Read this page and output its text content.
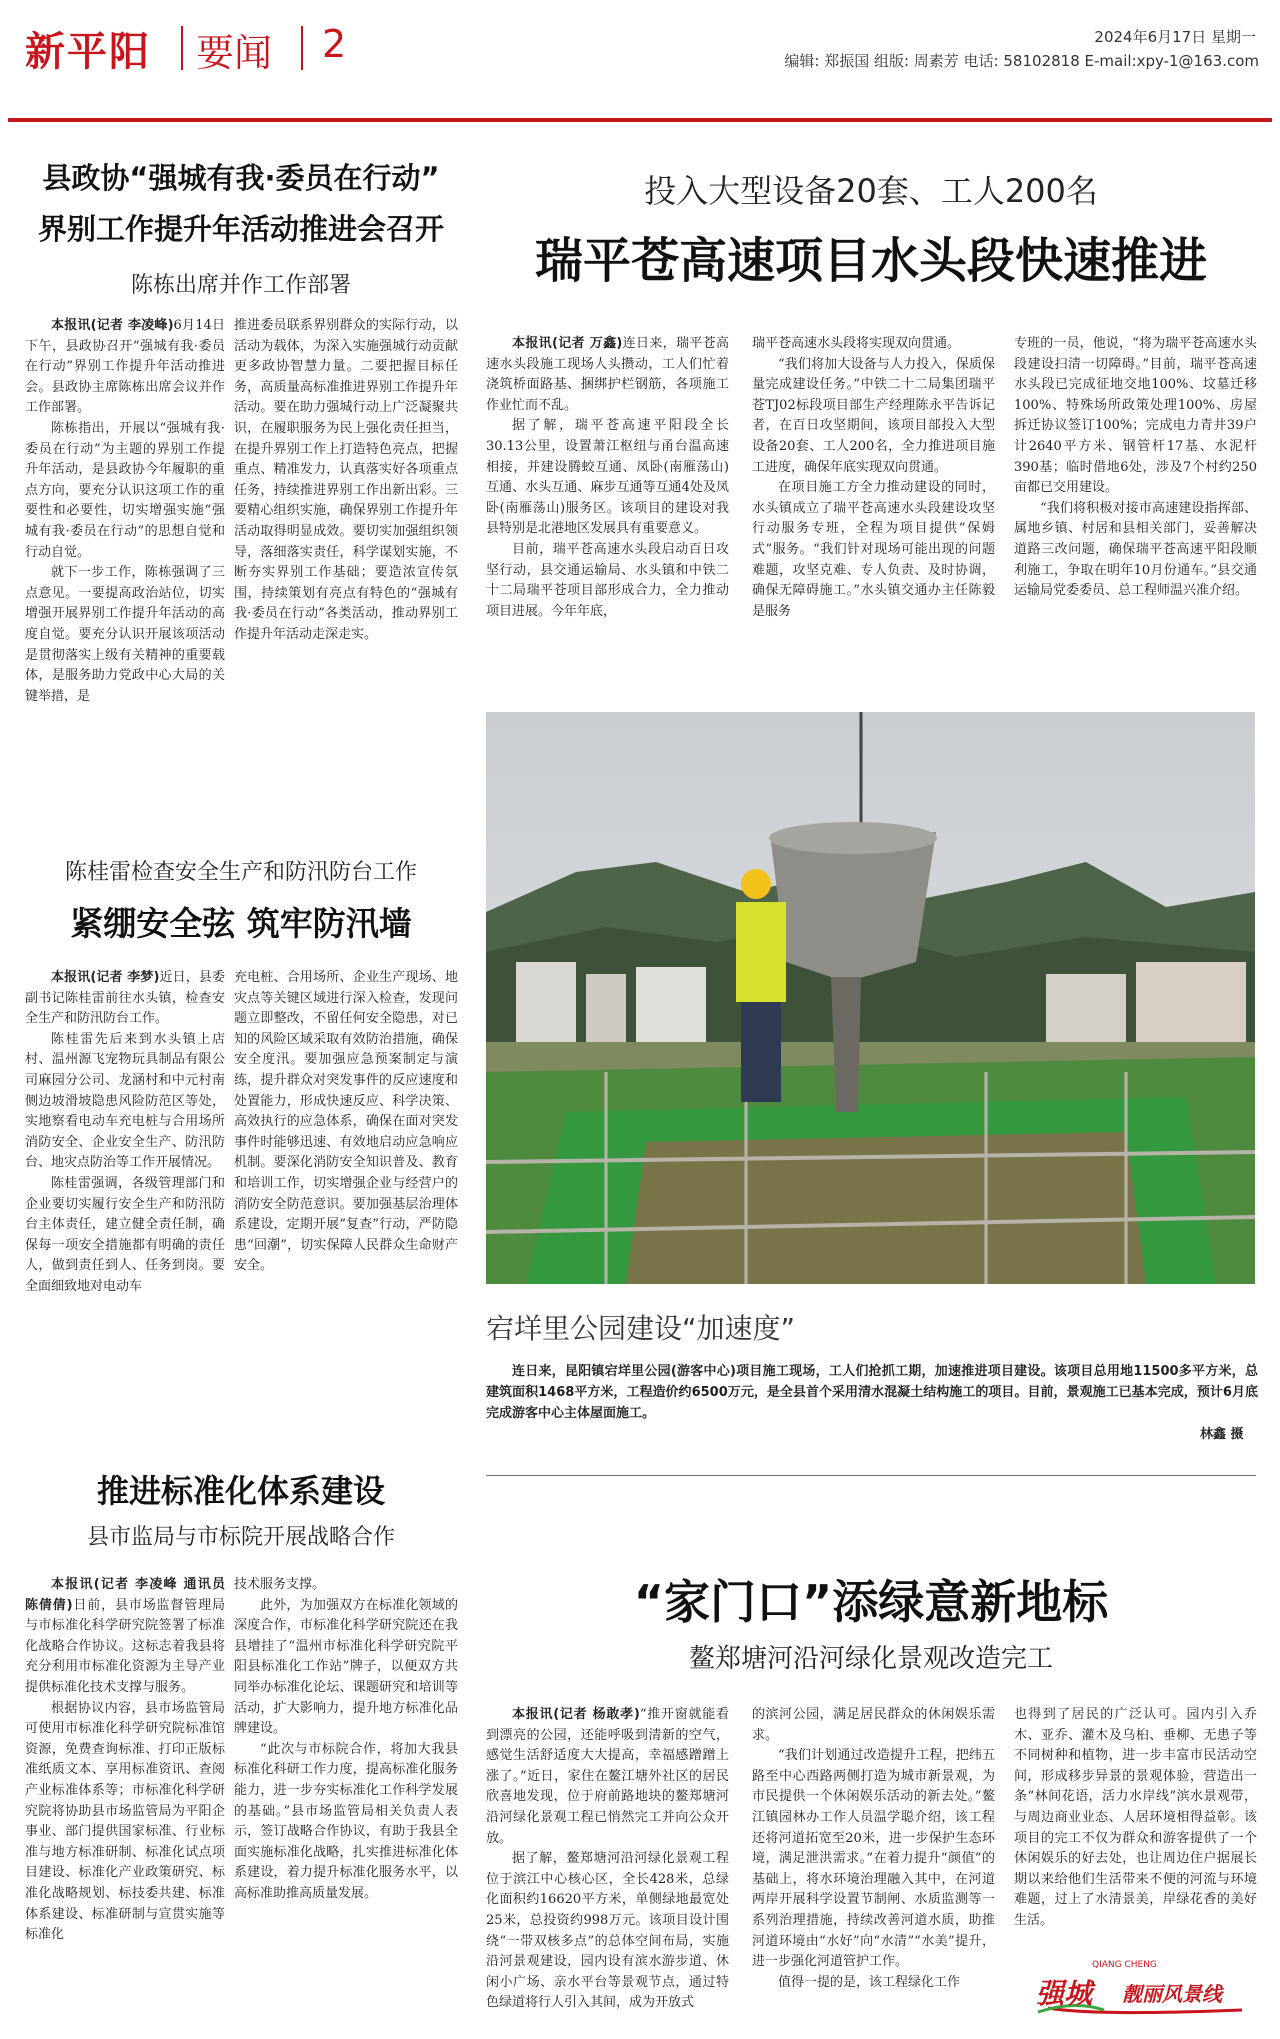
新平阳 要闻 2	2024年6月17日 星期一
编辑: 郑振国 组版: 周素芳 电话: 58102818 E-mail:xpy-1@163.com
县政协“强城有我·委员在行动”
界别工作提升年活动推进会召开
陈栋出席并作工作部署

本报讯(记者 李凌峰)6月14日下午，县政协召开“强城有我·委员在行动”界别工作提升年活动推进会。县政协主席陈栋出席会议并作工作部署。

陈栋指出，开展以“强城有我·委员在行动”为主题的界别工作提升年活动，是县政协今年履职的重点方向，要充分认识这项工作的重要性和必要性，切实增强实施“强城有我·委员在行动”的思想自觉和行动自觉。

就下一步工作，陈栋强调了三点意见。一要提高政治站位，切实增强开展界别工作提升年活动的高度自觉。要充分认识开展该项活动是贯彻落实上级有关精神的重要载体，是服务助力党政中心大局的关键举措，是

推进委员联系界别群众的实际行动，以活动为载体，为深入实施强城行动贡献更多政协智慧力量。二要把握目标任务，高质量高标准推进界别工作提升年活动。要在助力强城行动上广泛凝聚共识，在履职服务为民上强化责任担当，在提升界别工作上打造特色亮点，把握重点、精准发力，认真落实好各项重点任务，持续推进界别工作出新出彩。三要精心组织实施，确保界别工作提升年活动取得明显成效。要切实加强组织领导，落细落实责任，科学谋划实施，不断夯实界别工作基础；要造浓宣传氛围，持续策划有亮点有特色的“强城有我·委员在行动”各类活动，推动界别工作提升年活动走深走实。

投入大型设备20套、工人200名
瑞平苍高速项目水头段快速推进

本报讯(记者 万鑫)连日来，瑞平苍高速水头段施工现场人头攒动，工人们忙着浇筑桥面路基、捆绑护栏钢筋，各项施工作业忙而不乱。

据了解，瑞平苍高速平阳段全长30.13公里，设置萧江枢纽与甬台温高速相接，并建设腾蛟互通、凤卧(南雁荡山)互通、水头互通、麻步互通等互通4处及凤卧(南雁荡山)服务区。该项目的建设对我县特别是北港地区发展具有重要意义。

目前，瑞平苍高速水头段启动百日攻坚行动，县交通运输局、水头镇和中铁二十二局瑞平苍项目部形成合力，全力推动项目进展。今年年底，

瑞平苍高速水头段将实现双向贯通。

“我们将加大设备与人力投入，保质保量完成建设任务。”中铁二十二局集团瑞平苍TJ02标段项目部生产经理陈永平告诉记者，在百日攻坚期间，该项目部投入大型设备20套、工人200名，全力推进项目施工进度，确保年底实现双向贯通。

在项目施工方全力推动建设的同时，水头镇成立了瑞平苍高速水头段建设攻坚行动服务专班，全程为项目提供“保姆式”服务。“我们针对现场可能出现的问题难题，攻坚克难、专人负责、及时协调，确保无障碍施工。”水头镇交通办主任陈毅是服务

专班的一员，他说，“将为瑞平苍高速水头段建设扫清一切障碍。”目前，瑞平苍高速水头段已完成征地交地100%、坟墓迁移100%、特殊场所政策处理100%、房屋拆迁协议签订100%；完成电力青井39户计2640平方米、钢管杆17基、水泥杆390基；临时借地6处，涉及7个村约250亩都已交用建设。

“我们将积极对接市高速建设指挥部、属地乡镇、村居和县相关部门，妥善解决道路三改问题，确保瑞平苍高速平阳段顺利施工，争取在明年10月份通车。”县交通运输局党委委员、总工程师温兴准介绍。

陈桂雷检查安全生产和防汛防台工作
紧绷安全弦 筑牢防汛墙

本报讯(记者 李梦)近日，县委副书记陈桂雷前往水头镇，检查安全生产和防汛防台工作。

陈桂雷先后来到水头镇上店村、温州源飞宠物玩具制品有限公司麻园分公司、龙涵村和中元村南侧边坡滑坡隐患风险防范区等处，实地察看电动车充电桩与合用场所消防安全、企业安全生产、防汛防台、地灾点防治等工作开展情况。

陈桂雷强调，各级管理部门和企业要切实履行安全生产和防汛防台主体责任，建立健全责任制，确保每一项安全措施都有明确的责任人，做到责任到人、任务到岗。要全面细致地对电动车

充电桩、合用场所、企业生产现场、地灾点等关键区域进行深入检查，发现问题立即整改，不留任何安全隐患，对已知的风险区域采取有效防治措施，确保安全度汛。要加强应急预案制定与演练，提升群众对突发事件的反应速度和处置能力，形成快速反应、科学决策、高效执行的应急体系，确保在面对突发事件时能够迅速、有效地启动应急响应机制。要深化消防安全知识普及、教育和培训工作，切实增强企业与经营户的消防安全防范意识。要加强基层治理体系建设，定期开展“复查”行动，严防隐患“回潮”，切实保障人民群众生命财产安全。

宕垟里公园建设“加速度”
连日来，昆阳镇宕垟里公园(游客中心)项目施工现场，工人们抢抓工期，加速推进项目建设。该项目总用地11500多平方米，总建筑面积1468平方米，工程造价约6500万元，是全县首个采用清水混凝土结构施工的项目。目前，景观施工已基本完成，预计6月底完成游客中心主体屋面施工。
林鑫 摄
推进标准化体系建设
县市监局与市标院开展战略合作

本报讯(记者 李凌峰 通讯员 陈倩倩)日前，县市场监督管理局与市标准化科学研究院签署了标准化战略合作协议。这标志着我县将充分利用市标准化资源为主导产业提供标准化技术支撑与服务。

根据协议内容，县市场监管局可使用市标准化科学研究院标准馆资源，免费查询标准、打印正版标准纸质文本、享用标准资讯、查阅产业标准体系等；市标准化科学研究院将协助县市场监管局为平阳企事业、部门提供国家标准、行业标准与地方标准研制、标准化试点项目建设、标准化产业政策研究、标准化战略规划、标技委共建、标准体系建设、标准研制与宣贯实施等标准化

技术服务支撑。

此外，为加强双方在标准化领域的深度合作，市标准化科学研究院还在我县增挂了“温州市标准化科学研究院平阳县标准化工作站”牌子，以便双方共同举办标准化论坛、课题研究和培训等活动，扩大影响力，提升地方标准化品牌建设。

“此次与市标院合作，将加大我县标准化科研工作力度，提高标准化服务能力，进一步夯实标准化工作科学发展的基础。”县市场监管局相关负责人表示，签订战略合作协议，有助于我县全面实施标准化战略，扎实推进标准化体系建设，着力提升标准化服务水平，以高标准助推高质量发展。

“家门口”添绿意新地标
鳌郑塘河沿河绿化景观改造完工

本报讯(记者 杨敢孝)“推开窗就能看到漂亮的公园，还能呼吸到清新的空气，感觉生活舒适度大大提高，幸福感蹭蹭上涨了。”近日，家住在鳌江塘外社区的居民欣喜地发现，位于府前路地块的鳌郑塘河沿河绿化景观工程已悄然完工并向公众开放。

据了解，鳌郑塘河沿河绿化景观工程位于滨江中心核心区，全长428米，总绿化面积约16620平方米，单侧绿地最宽处25米，总投资约998万元。该项目设计围绕“一带双核多点”的总体空间布局，实施沿河景观建设，园内设有滨水游步道、休闲小广场、亲水平台等景观节点，通过特色绿道将行人引入其间，成为开放式

的滨河公园，满足居民群众的休闲娱乐需求。

“我们计划通过改造提升工程，把纬五路至中心西路两侧打造为城市新景观，为市民提供一个休闲娱乐活动的新去处。”鳌江镇园林办工作人员温学聪介绍，该工程还将河道拓宽至20米，进一步保护生态环境，满足泄洪需求。”在着力提升“颜值”的基础上，将水环境治理融入其中，在河道两岸开展科学设置节制闸、水质监测等一系列治理措施，持续改善河道水质，助推河道环境由“水好”向“水清”“水美”提升，进一步强化河道管护工作。

值得一提的是，该工程绿化工作

也得到了居民的广泛认可。园内引入乔木、亚乔、灌木及乌桕、垂柳、无患子等不同树种和植物，进一步丰富市民活动空间，形成移步异景的景观体验，营造出一条“林间花语，活力水岸线”滨水景观带，与周边商业业态、人居环境相得益彰。该项目的完工不仅为群众和游客提供了一个休闲娱乐的好去处，也让周边住户据展长期以来给他们生活带来不便的河流与环境难题，过上了水清景美，岸绿花香的美好生活。

QIANG CHENG
强城 靓丽风景线
